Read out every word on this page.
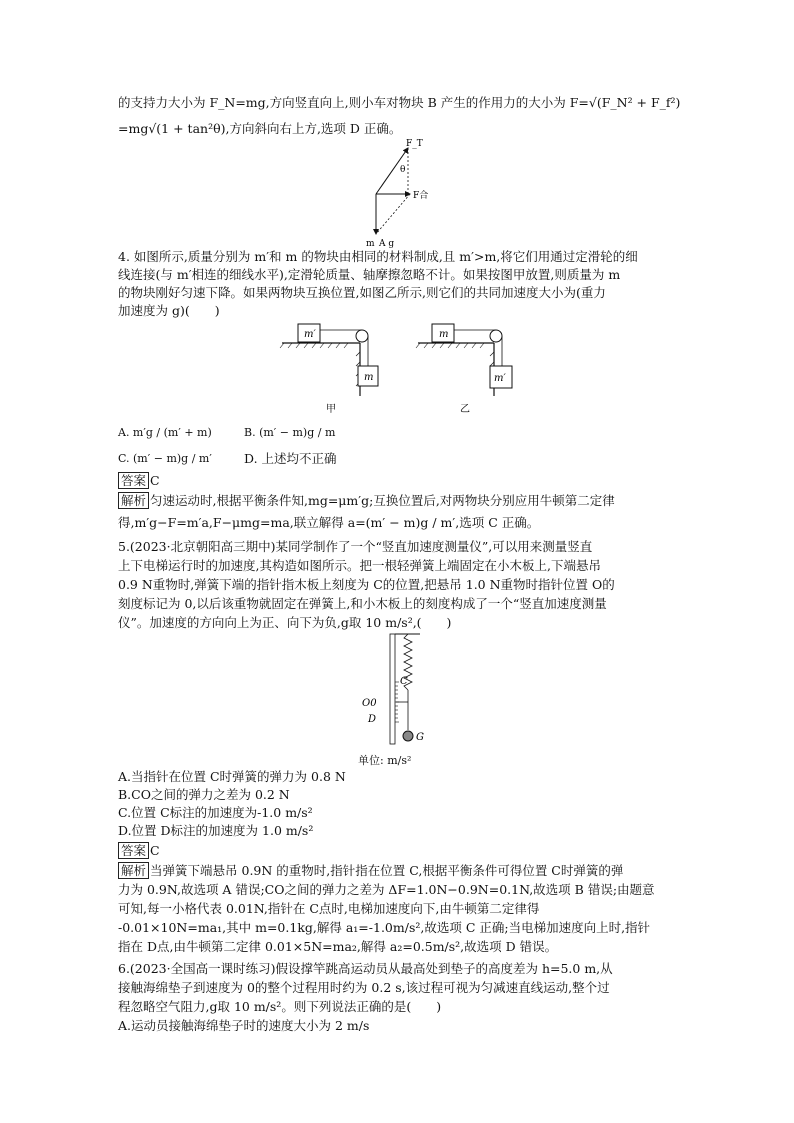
的支持力大小为 F_N=mg,方向竖直向上,则小车对物块 B 产生的作用力的大小为 F=√(F_N² + F_f²)
=mg√(1 + tan²θ),方向斜向右上方,选项 D 正确。
F_T
θ
F合
m_A g
4. 如图所示,质量分别为 m′和 m 的物块由相同的材料制成,且 m′>m,将它们用通过定滑轮的细
线连接(与 m′相连的细线水平),定滑轮质量、轴摩擦忽略不计。如果按图甲放置,则质量为 m
的物块刚好匀速下降。如果两物块互换位置,如图乙所示,则它们的共同加速度大小为(重力
加速度为 g)(　　)
m′
m
甲
m
m′
乙
A. m′g / (m′ + m)	B. (m′ − m)g / m
C. (m′ − m)g / m′	D. 上述均不正确
答案 C
解析 匀速运动时,根据平衡条件知,mg=μm′g;互换位置后,对两物块分别应用牛顿第二定律
得,m′g−F=m′a,F−μmg=ma,联立解得 a=(m′ − m)g / m′,选项 C 正确。
5.(2023·北京朝阳高三期中)某同学制作了一个“竖直加速度测量仪”,可以用来测量竖直
上下电梯运行时的加速度,其构造如图所示。把一根轻弹簧上端固定在小木板上,下端悬吊
0.9 N重物时,弹簧下端的指针指木板上刻度为 C的位置,把悬吊 1.0 N重物时指针位置 O的
刻度标记为 0,以后该重物就固定在弹簧上,和小木板上的刻度构成了一个“竖直加速度测量
仪”。加速度的方向向上为正、向下为负,g取 10 m/s²,(　　)
C
O0
D
G
单位: m/s²
A.当指针在位置 C时弹簧的弹力为 0.8 N
B.CO之间的弹力之差为 0.2 N
C.位置 C标注的加速度为-1.0 m/s²
D.位置 D标注的加速度为 1.0 m/s²
答案 C
解析 当弹簧下端悬吊 0.9N 的重物时,指针指在位置 C,根据平衡条件可得位置 C时弹簧的弹
力为 0.9N,故选项 A 错误;CO之间的弹力之差为 ΔF=1.0N−0.9N=0.1N,故选项 B 错误;由题意
可知,每一小格代表 0.01N,指针在 C点时,电梯加速度向下,由牛顿第二定律得
-0.01×10N=ma₁,其中 m=0.1kg,解得 a₁=-1.0m/s²,故选项 C 正确;当电梯加速度向上时,指针
指在 D点,由牛顿第二定律 0.01×5N=ma₂,解得 a₂=0.5m/s²,故选项 D 错误。
6.(2023·全国高一课时练习)假设撑竿跳高运动员从最高处到垫子的高度差为 h=5.0 m,从
接触海绵垫子到速度为 0的整个过程用时约为 0.2 s,该过程可视为匀减速直线运动,整个过
程忽略空气阻力,g取 10 m/s²。则下列说法正确的是(　　)
A.运动员接触海绵垫子时的速度大小为 2 m/s
